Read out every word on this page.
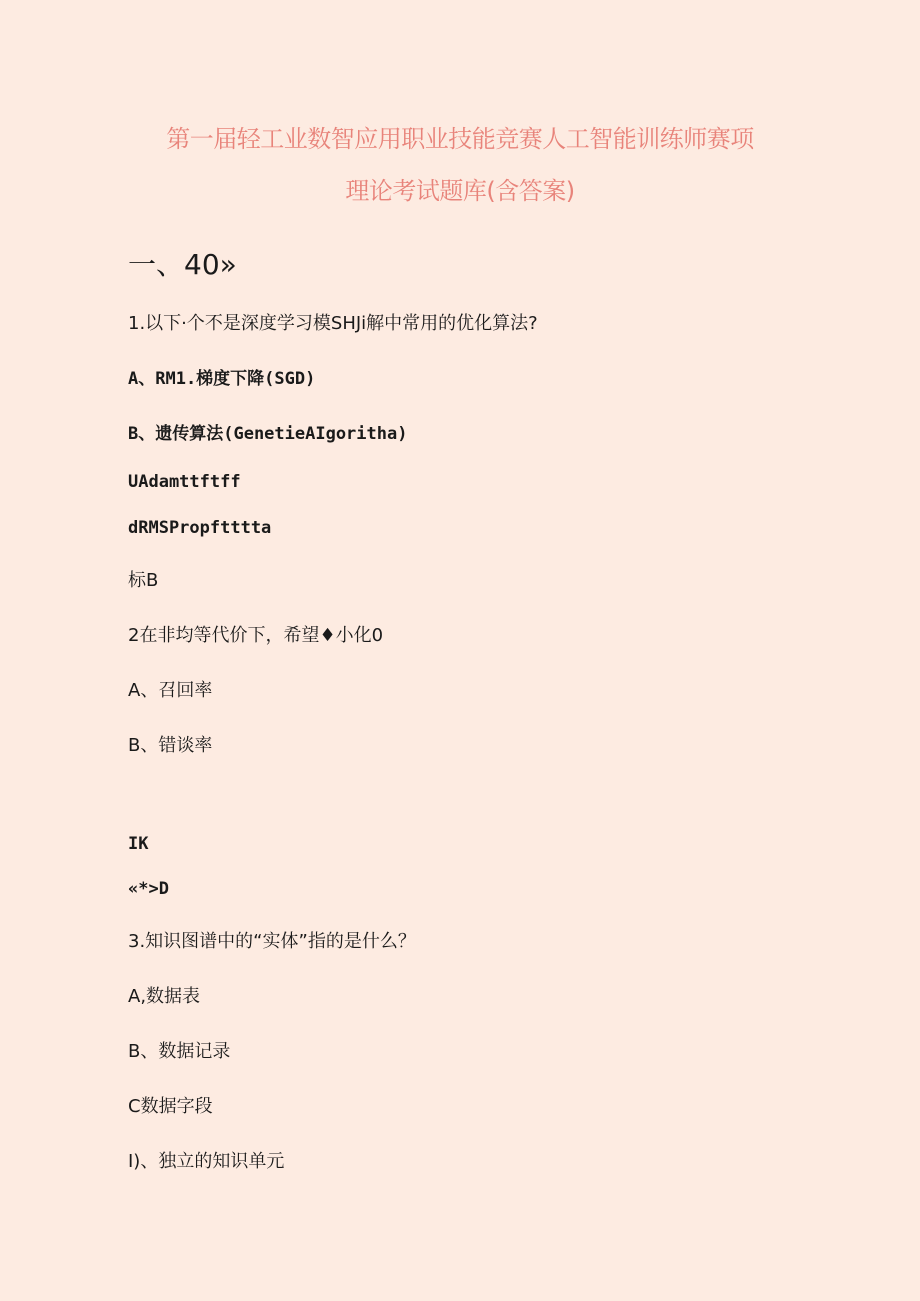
第一届轻工业数智应用职业技能竞赛人工智能训练师赛项
理论考试题库(含答案)
一、40»
1.以下·个不是深度学习模SHJi解中常用的优化算法?
A、RM1.梯度下降(SGD)
B、遗传算法(GenetieAIgoritha)
UAdamttftff
dRMSPropftttta
标B
2在非均等代价下，希望♦小化0
A、召回率
B、错谈率
IK
«*>D
3.知识图谱中的“实体”指的是什么？
A,数据表
B、数据记录
C数据字段
I)、独立的知识单元
